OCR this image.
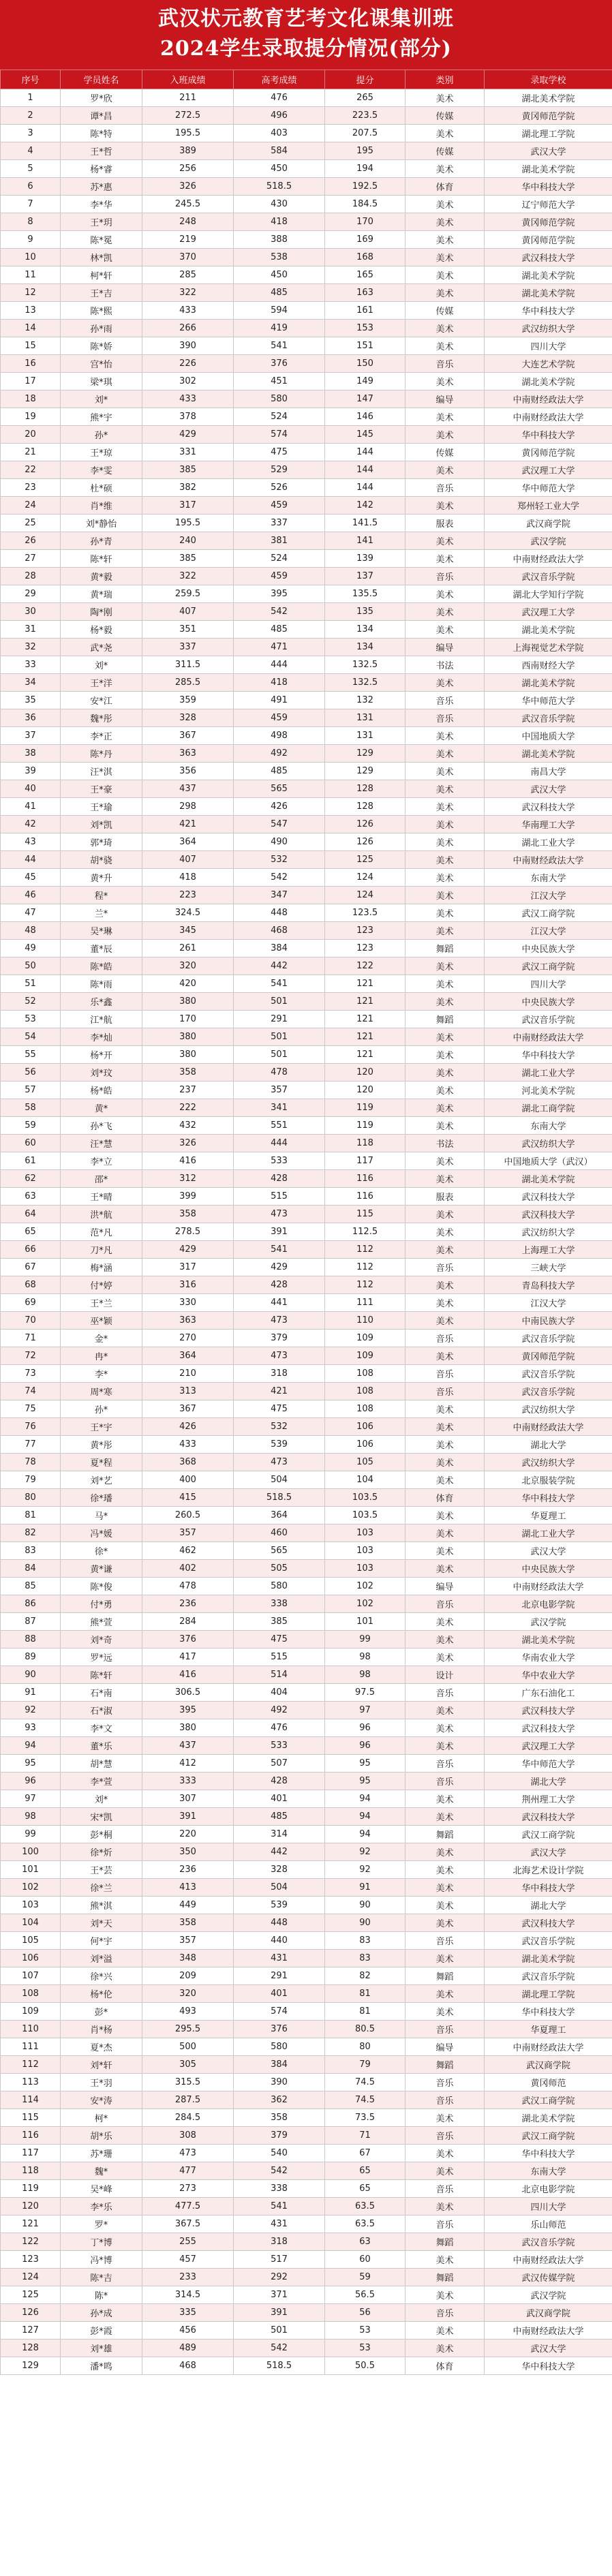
武汉状元教育艺考文化课集训班
2024学生录取提分情况(部分)
序号	学员姓名	入班成绩	高考成绩	提分	类别	录取学校
1	罗*欣	211	476	265	美术	湖北美术学院
2	谭*昌	272.5	496	223.5	传媒	黄冈师范学院
3	陈*特	195.5	403	207.5	美术	湖北理工学院
4	王*哲	389	584	195	传媒	武汉大学
5	杨*睿	256	450	194	美术	湖北美术学院
6	苏*惠	326	518.5	192.5	体育	华中科技大学
7	李*华	245.5	430	184.5	美术	辽宁师范大学
8	王*玥	248	418	170	美术	黄冈师范学院
9	陈*冕	219	388	169	美术	黄冈师范学院
10	林*凯	370	538	168	美术	武汉科技大学
11	柯*轩	285	450	165	美术	湖北美术学院
12	王*吉	322	485	163	美术	湖北美术学院
13	陈*熙	433	594	161	传媒	华中科技大学
14	孙*雨	266	419	153	美术	武汉纺织大学
15	陈*娇	390	541	151	美术	四川大学
16	宫*怡	226	376	150	音乐	大连艺术学院
17	梁*琪	302	451	149	美术	湖北美术学院
18	刘*	433	580	147	编导	中南财经政法大学
19	熊*宇	378	524	146	美术	中南财经政法大学
20	孙*	429	574	145	美术	华中科技大学
21	王*琼	331	475	144	传媒	黄冈师范学院
22	李*雯	385	529	144	美术	武汉理工大学
23	杜*硕	382	526	144	音乐	华中师范大学
24	肖*维	317	459	142	美术	郑州轻工业大学
25	刘*静怡	195.5	337	141.5	服表	武汉商学院
26	孙*青	240	381	141	美术	武汉学院
27	陈*轩	385	524	139	美术	中南财经政法大学
28	黄*毅	322	459	137	音乐	武汉音乐学院
29	黄*瑞	259.5	395	135.5	美术	湖北大学知行学院
30	陶*刚	407	542	135	美术	武汉理工大学
31	杨*毅	351	485	134	美术	湖北美术学院
32	武*尧	337	471	134	编导	上海视觉艺术学院
33	刘*	311.5	444	132.5	书法	西南财经大学
34	王*洋	285.5	418	132.5	美术	湖北美术学院
35	安*江	359	491	132	音乐	华中师范大学
36	魏*彤	328	459	131	音乐	武汉音乐学院
37	李*正	367	498	131	美术	中国地质大学
38	陈*丹	363	492	129	美术	湖北美术学院
39	汪*淇	356	485	129	美术	南昌大学
40	王*豪	437	565	128	美术	武汉大学
41	王*瑜	298	426	128	美术	武汉科技大学
42	刘*凯	421	547	126	美术	华南理工大学
43	郭*琦	364	490	126	美术	湖北工业大学
44	胡*骁	407	532	125	美术	中南财经政法大学
45	黄*升	418	542	124	美术	东南大学
46	程*	223	347	124	美术	江汉大学
47	兰*	324.5	448	123.5	美术	武汉工商学院
48	吴*琳	345	468	123	美术	江汉大学
49	董*辰	261	384	123	舞蹈	中央民族大学
50	陈*皓	320	442	122	美术	武汉工商学院
51	陈*雨	420	541	121	美术	四川大学
52	乐*鑫	380	501	121	美术	中央民族大学
53	江*航	170	291	121	舞蹈	武汉音乐学院
54	李*灿	380	501	121	美术	中南财经政法大学
55	杨*开	380	501	121	美术	华中科技大学
56	刘*玟	358	478	120	美术	湖北工业大学
57	杨*皓	237	357	120	美术	河北美术学院
58	黄*	222	341	119	美术	湖北工商学院
59	孙*飞	432	551	119	美术	东南大学
60	汪*慧	326	444	118	书法	武汉纺织大学
61	李*立	416	533	117	美术	中国地质大学（武汉）
62	邵*	312	428	116	美术	湖北美术学院
63	王*晴	399	515	116	服表	武汉科技大学
64	洪*航	358	473	115	美术	武汉科技大学
65	范*凡	278.5	391	112.5	美术	武汉纺织大学
66	刀*凡	429	541	112	美术	上海理工大学
67	梅*涵	317	429	112	音乐	三峡大学
68	付*婷	316	428	112	美术	青岛科技大学
69	王*兰	330	441	111	美术	江汉大学
70	巫*颖	363	473	110	美术	中南民族大学
71	金*	270	379	109	音乐	武汉音乐学院
72	冉*	364	473	109	美术	黄冈师范学院
73	李*	210	318	108	音乐	武汉音乐学院
74	周*寒	313	421	108	音乐	武汉音乐学院
75	孙*	367	475	108	美术	武汉纺织大学
76	王*宇	426	532	106	美术	中南财经政法大学
77	黄*彤	433	539	106	美术	湖北大学
78	夏*程	368	473	105	美术	武汉纺织大学
79	刘*艺	400	504	104	美术	北京服装学院
80	徐*璠	415	518.5	103.5	体育	华中科技大学
81	马*	260.5	364	103.5	美术	华夏理工
82	冯*媛	357	460	103	美术	湖北工业大学
83	徐*	462	565	103	美术	武汉大学
84	黄*谦	402	505	103	美术	中央民族大学
85	陈*俊	478	580	102	编导	中南财经政法大学
86	付*勇	236	338	102	音乐	北京电影学院
87	熊*萱	284	385	101	美术	武汉学院
88	刘*奇	376	475	99	美术	湖北美术学院
89	罗*远	417	515	98	美术	华南农业大学
90	陈*轩	416	514	98	设计	华中农业大学
91	石*南	306.5	404	97.5	音乐	广东石油化工
92	石*淑	395	492	97	美术	武汉科技大学
93	李*文	380	476	96	美术	武汉科技大学
94	董*乐	437	533	96	美术	武汉理工大学
95	胡*慧	412	507	95	音乐	华中师范大学
96	李*萱	333	428	95	音乐	湖北大学
97	刘*	307	401	94	美术	荆州理工大学
98	宋*凯	391	485	94	美术	武汉科技大学
99	彭*桐	220	314	94	舞蹈	武汉工商学院
100	徐*炘	350	442	92	美术	武汉大学
101	王*芸	236	328	92	美术	北海艺术设计学院
102	徐*兰	413	504	91	美术	华中科技大学
103	熊*淇	449	539	90	美术	湖北大学
104	刘*天	358	448	90	美术	武汉科技大学
105	何*宇	357	440	83	音乐	武汉音乐学院
106	刘*溢	348	431	83	美术	湖北美术学院
107	徐*兴	209	291	82	舞蹈	武汉音乐学院
108	杨*伦	320	401	81	美术	湖北理工学院
109	彭*	493	574	81	美术	华中科技大学
110	肖*杨	295.5	376	80.5	音乐	华夏理工
111	夏*杰	500	580	80	编导	中南财经政法大学
112	刘*轩	305	384	79	舞蹈	武汉商学院
113	王*羽	315.5	390	74.5	音乐	黄冈师范
114	安*涛	287.5	362	74.5	音乐	武汉工商学院
115	柯*	284.5	358	73.5	美术	湖北美术学院
116	胡*乐	308	379	71	音乐	武汉工商学院
117	苏*珊	473	540	67	美术	华中科技大学
118	魏*	477	542	65	美术	东南大学
119	吴*峰	273	338	65	音乐	北京电影学院
120	李*乐	477.5	541	63.5	美术	四川大学
121	罗*	367.5	431	63.5	音乐	乐山师范
122	丁*博	255	318	63	舞蹈	武汉音乐学院
123	冯*博	457	517	60	美术	中南财经政法大学
124	陈*吉	233	292	59	舞蹈	武汉传媒学院
125	陈*	314.5	371	56.5	美术	武汉学院
126	孙*成	335	391	56	音乐	武汉商学院
127	彭*霞	456	501	53	美术	中南财经政法大学
128	刘*雄	489	542	53	美术	武汉大学
129	潘*鸣	468	518.5	50.5	体育	华中科技大学
